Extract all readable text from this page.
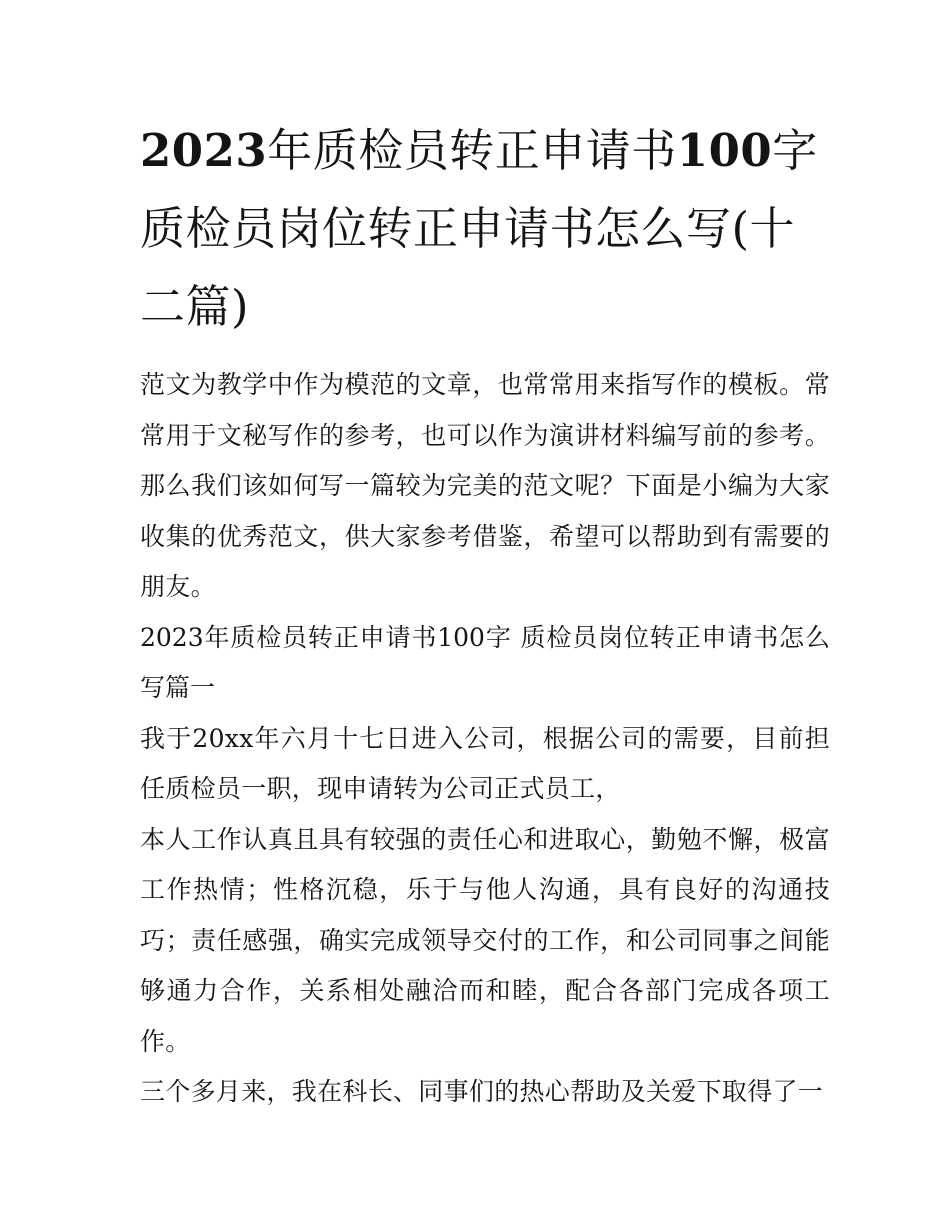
2023年质检员转正申请书100字 质检员岗位转正申请书怎么写(十二篇)

范文为教学中作为模范的文章，也常常用来指写作的模板。常常用于文秘写作的参考，也可以作为演讲材料编写前的参考。那么我们该如何写一篇较为完美的范文呢？下面是小编为大家收集的优秀范文，供大家参考借鉴，希望可以帮助到有需要的朋友。

2023年质检员转正申请书100字 质检员岗位转正申请书怎么写篇一

我于20xx年六月十七日进入公司，根据公司的需要，目前担任质检员一职，现申请转为公司正式员工，

本人工作认真且具有较强的责任心和进取心，勤勉不懈，极富工作热情；性格沉稳，乐于与他人沟通，具有良好的沟通技巧；责任感强，确实完成领导交付的工作，和公司同事之间能够通力合作，关系相处融洽而和睦，配合各部门完成各项工作。

三个多月来，我在科长、同事们的热心帮助及关爱下取得了一
